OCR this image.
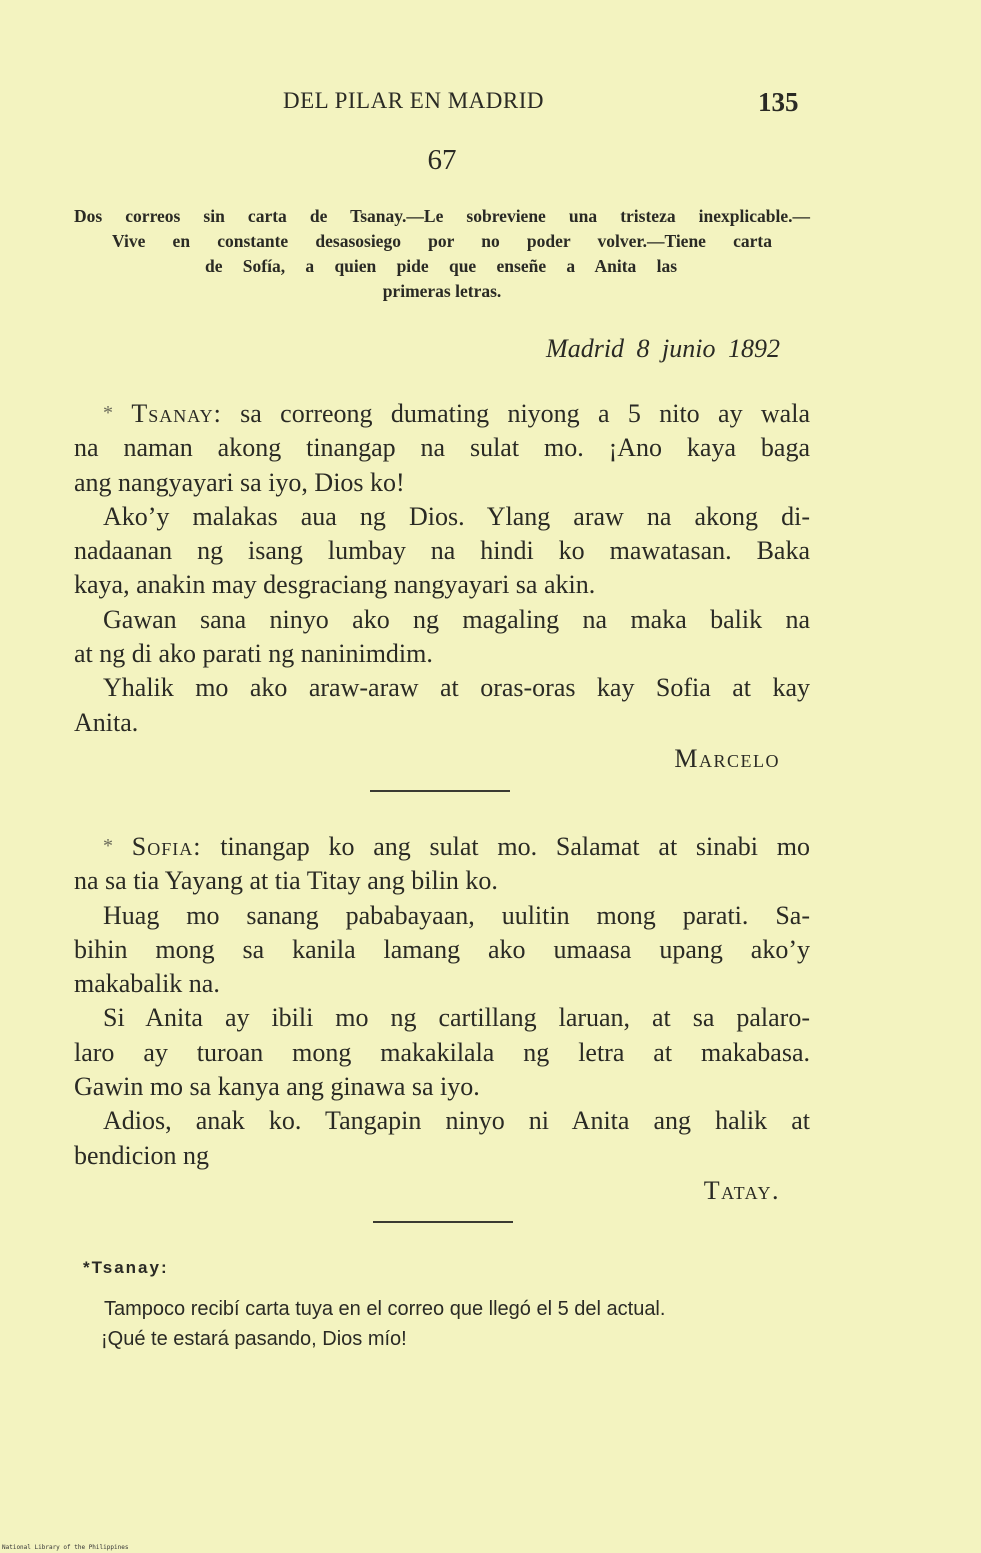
DEL PILAR EN MADRID	135
67
Dos correos sin carta de Tsanay.—Le sobreviene una tristeza inexplicable.—
Vive en constante desasosiego por no poder volver.—Tiene carta
de Sofía, a quien pide que enseñe a Anita las
primeras letras.
Madrid 8 junio 1892
* Tsanay: sa correong dumating niyong a 5 nito ay wala
na naman akong tinangap na sulat mo. ¡Ano kaya baga
ang nangyayari sa iyo, Dios ko!
Ako’y malakas aua ng Dios. Ylang araw na akong di-
nadaanan ng isang lumbay na hindi ko mawatasan. Baka
kaya, anakin may desgraciang nangyayari sa akin.
Gawan sana ninyo ako ng magaling na maka balik na
at ng di ako parati ng naninimdim.
Yhalik mo ako araw-araw at oras-oras kay Sofia at kay
Anita.
Marcelo
* Sofia: tinangap ko ang sulat mo. Salamat at sinabi mo
na sa tia Yayang at tia Titay ang bilin ko.
Huag mo sanang pababayaan, uulitin mong parati. Sa-
bihin mong sa kanila lamang ako umaasa upang ako’y
makabalik na.
Si Anita ay ibili mo ng cartillang laruan, at sa palaro-
laro ay turoan mong makakilala ng letra at makabasa.
Gawin mo sa kanya ang ginawa sa iyo.
Adios, anak ko. Tangapin ninyo ni Anita ang halik at
bendicion ng
Tatay.
*Tsanay:
Tampoco recibí carta tuya en el correo que llegó el 5 del actual.
¡Qué te estará pasando, Dios mío!
National Library of the Philippines
